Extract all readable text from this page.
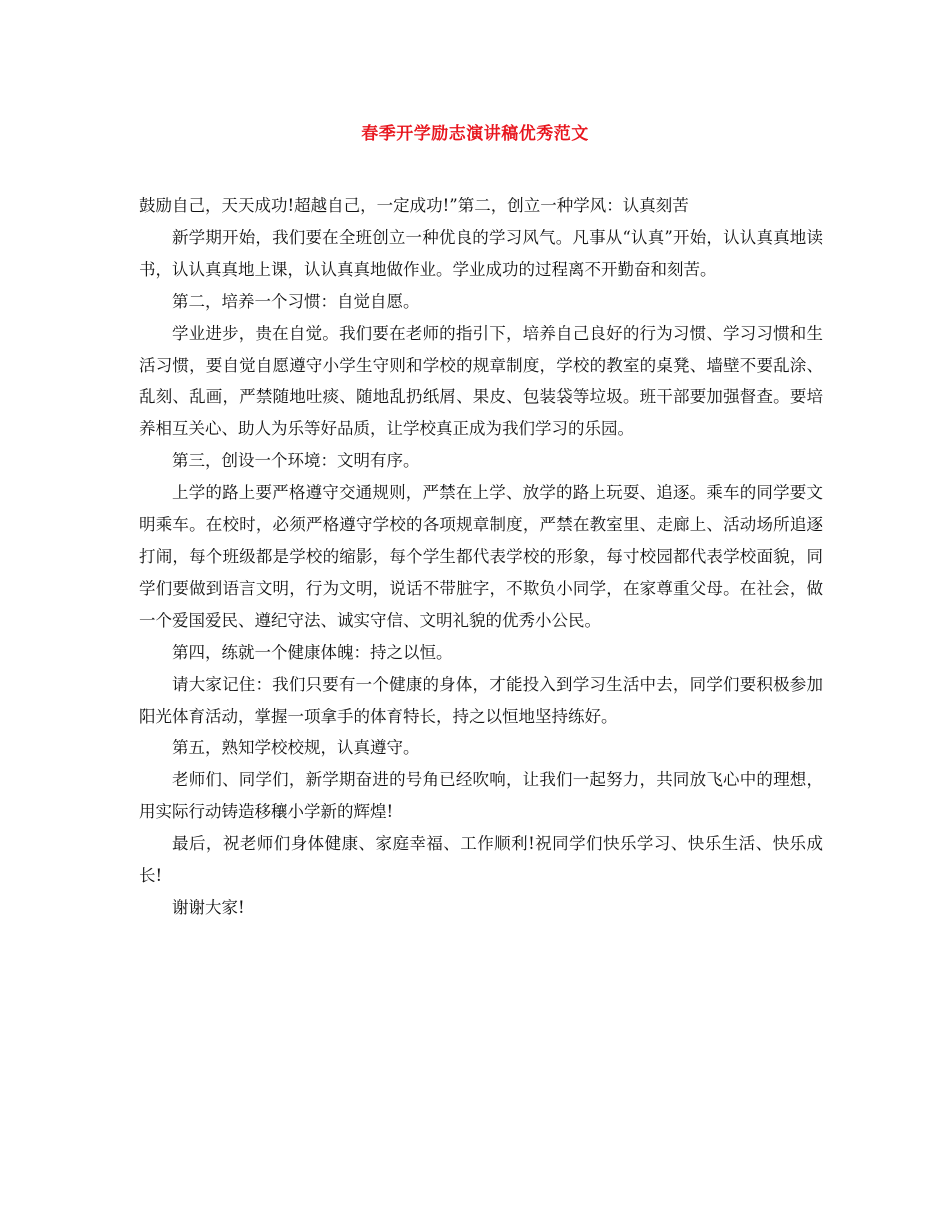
春季开学励志演讲稿优秀范文

鼓励自己，天天成功!超越自己，一定成功!”第二，创立一种学风：认真刻苦

新学期开始，我们要在全班创立一种优良的学习风气。凡事从“认真”开始，认认真真地读书，认认真真地上课，认认真真地做作业。学业成功的过程离不开勤奋和刻苦。

第二，培养一个习惯：自觉自愿。

学业进步，贵在自觉。我们要在老师的指引下，培养自己良好的行为习惯、学习习惯和生活习惯，要自觉自愿遵守小学生守则和学校的规章制度，学校的教室的桌凳、墙壁不要乱涂、乱刻、乱画，严禁随地吐痰、随地乱扔纸屑、果皮、包装袋等垃圾。班干部要加强督查。要培养相互关心、助人为乐等好品质，让学校真正成为我们学习的乐园。

第三，创设一个环境：文明有序。

上学的路上要严格遵守交通规则，严禁在上学、放学的路上玩耍、追逐。乘车的同学要文明乘车。在校时，必须严格遵守学校的各项规章制度，严禁在教室里、走廊上、活动场所追逐打闹，每个班级都是学校的缩影，每个学生都代表学校的形象，每寸校园都代表学校面貌，同学们要做到语言文明，行为文明，说话不带脏字，不欺负小同学，在家尊重父母。在社会，做一个爱国爱民、遵纪守法、诚实守信、文明礼貌的优秀小公民。

第四，练就一个健康体魄：持之以恒。

请大家记住：我们只要有一个健康的身体，才能投入到学习生活中去，同学们要积极参加阳光体育活动，掌握一项拿手的体育特长，持之以恒地坚持练好。

第五，熟知学校校规，认真遵守。

老师们、同学们，新学期奋进的号角已经吹响，让我们一起努力，共同放飞心中的理想，用实际行动铸造移穰小学新的辉煌!

最后，祝老师们身体健康、家庭幸福、工作顺利!祝同学们快乐学习、快乐生活、快乐成长!

谢谢大家!
